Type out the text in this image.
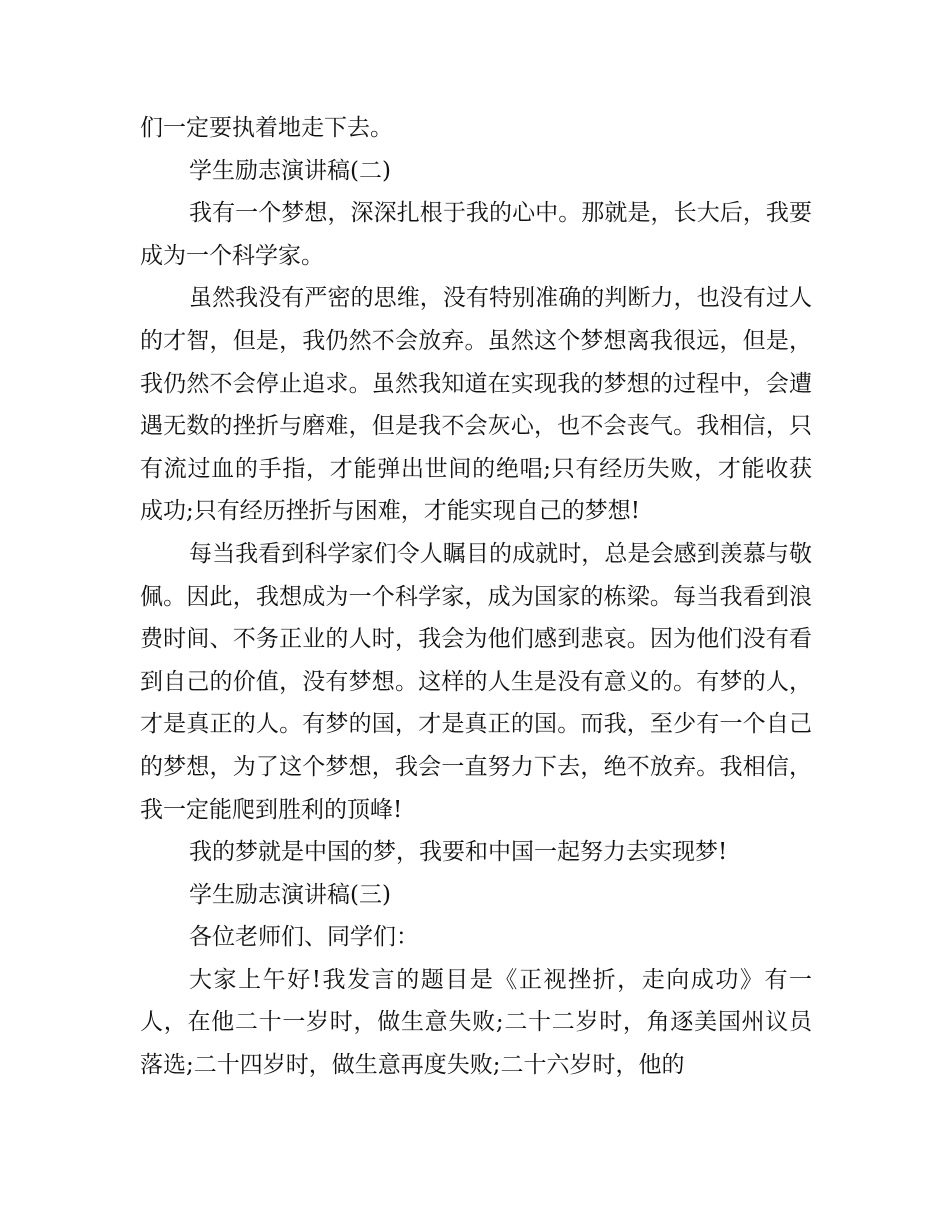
们一定要执着地走下去。

学生励志演讲稿(二)

我有一个梦想，深深扎根于我的心中。那就是，长大后，我要成为一个科学家。

虽然我没有严密的思维，没有特别准确的判断力，也没有过人的才智，但是，我仍然不会放弃。虽然这个梦想离我很远，但是，我仍然不会停止追求。虽然我知道在实现我的梦想的过程中，会遭遇无数的挫折与磨难，但是我不会灰心，也不会丧气。我相信，只有流过血的手指，才能弹出世间的绝唱;只有经历失败，才能收获成功;只有经历挫折与困难，才能实现自己的梦想!

每当我看到科学家们令人瞩目的成就时，总是会感到羡慕与敬佩。因此，我想成为一个科学家，成为国家的栋梁。每当我看到浪费时间、不务正业的人时，我会为他们感到悲哀。因为他们没有看到自己的价值，没有梦想。这样的人生是没有意义的。有梦的人，才是真正的人。有梦的国，才是真正的国。而我，至少有一个自己的梦想，为了这个梦想，我会一直努力下去，绝不放弃。我相信，我一定能爬到胜利的顶峰!

我的梦就是中国的梦，我要和中国一起努力去实现梦!

学生励志演讲稿(三)

各位老师们、同学们：

大家上午好!我发言的题目是《正视挫折，走向成功》有一人，在他二十一岁时，做生意失败;二十二岁时，角逐美国州议员落选;二十四岁时，做生意再度失败;二十六岁时，他的
